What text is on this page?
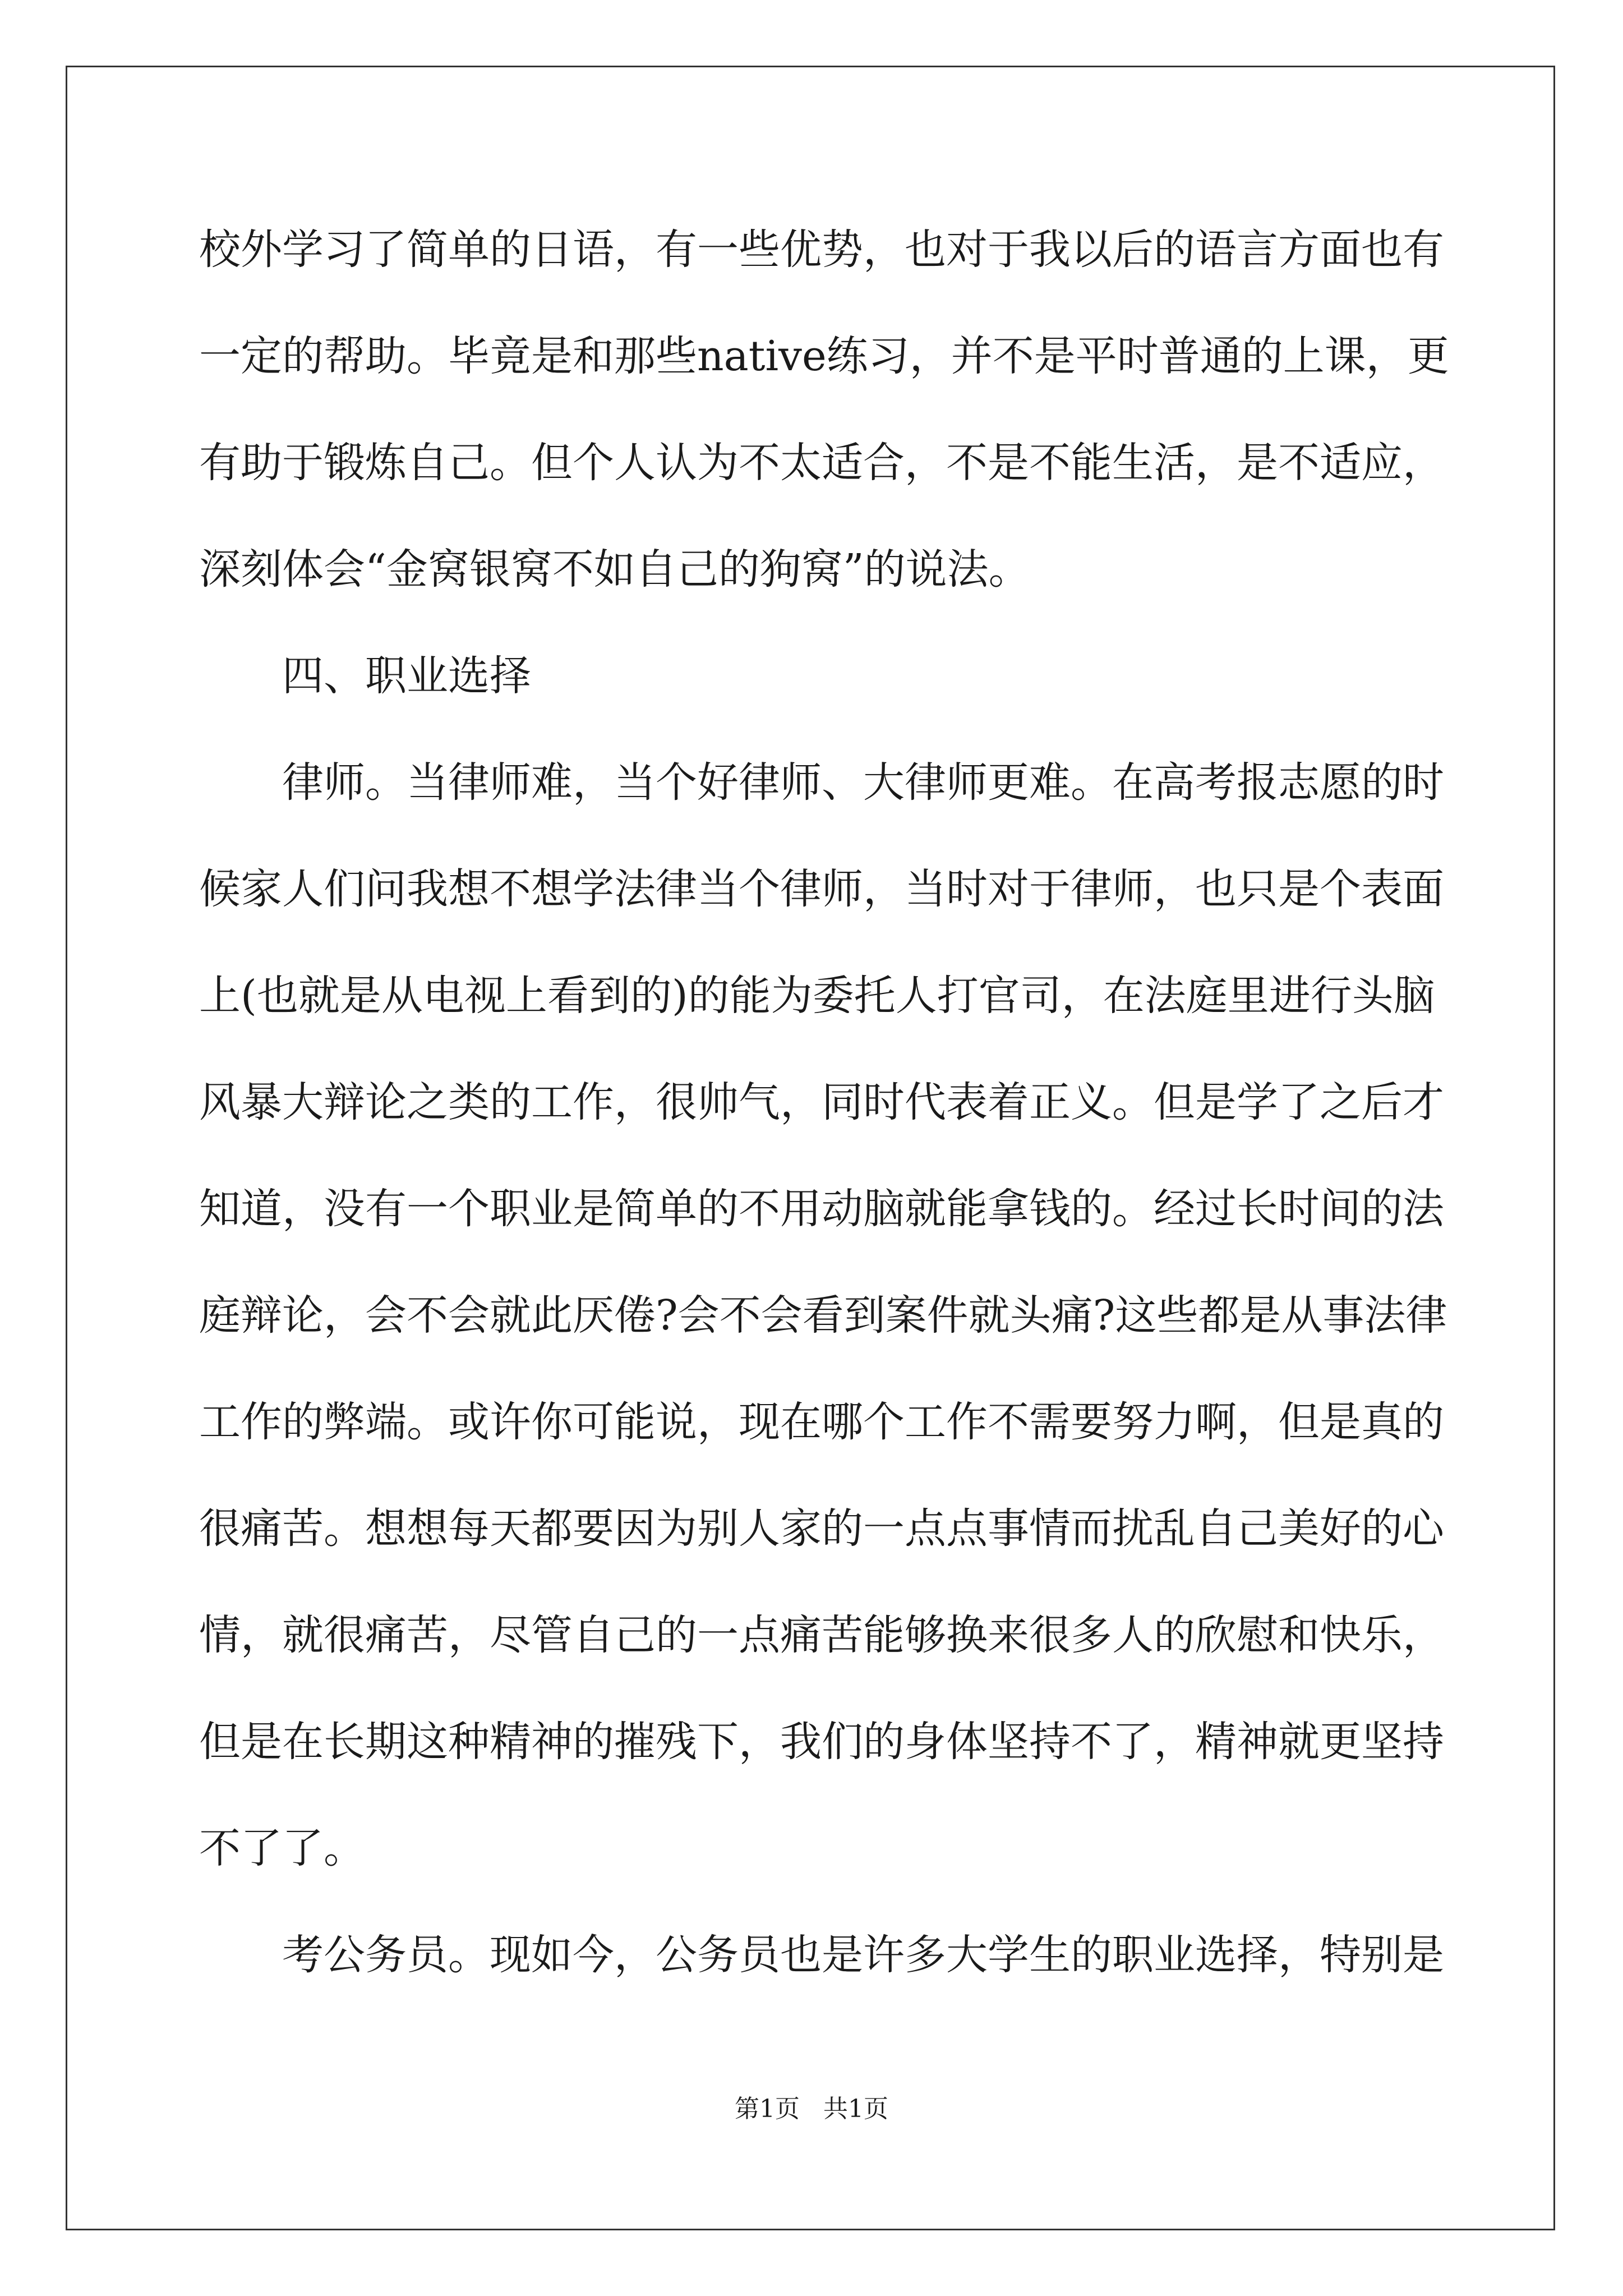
校外学习了简单的日语，有一些优势，也对于我以后的语言方面也有
一定的帮助。毕竟是和那些native练习，并不是平时普通的上课，更
有助于锻炼自己。但个人认为不太适合，不是不能生活，是不适应，
深刻体会“金窝银窝不如自己的狗窝”的说法。
四、职业选择
律师。当律师难，当个好律师、大律师更难。在高考报志愿的时
候家人们问我想不想学法律当个律师，当时对于律师，也只是个表面
上(也就是从电视上看到的)的能为委托人打官司，在法庭里进行头脑
风暴大辩论之类的工作，很帅气，同时代表着正义。但是学了之后才
知道，没有一个职业是简单的不用动脑就能拿钱的。经过长时间的法
庭辩论，会不会就此厌倦?会不会看到案件就头痛?这些都是从事法律
工作的弊端。或许你可能说，现在哪个工作不需要努力啊，但是真的
很痛苦。想想每天都要因为别人家的一点点事情而扰乱自己美好的心
情，就很痛苦，尽管自己的一点痛苦能够换来很多人的欣慰和快乐，
但是在长期这种精神的摧残下，我们的身体坚持不了，精神就更坚持
不了了。
考公务员。现如今，公务员也是许多大学生的职业选择，特别是
第1页   共1页
